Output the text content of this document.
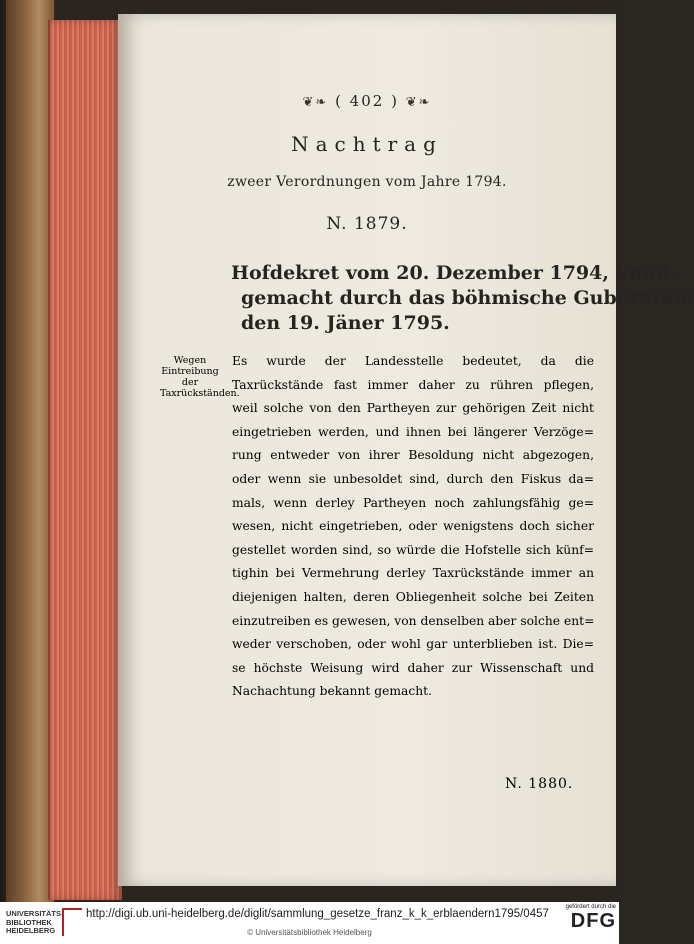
❦❧ ( 402 ) ❦❧
Nachtrag
zweer Verordnungen vom Jahre 1794.
N. 1879.
Hofdekret vom 20. Dezember 1794, kund-
gemacht durch das böhmische Gubernium
den 19. Jäner 1795.
Wegen Eintreibung der Taxrückständen.
Es wurde der Landesstelle bedeutet, da die
Taxrückstände fast immer daher zu rühren pflegen,
weil solche von den Partheyen zur gehörigen Zeit nicht
eingetrieben werden, und ihnen bei längerer Verzöge=
rung entweder von ihrer Besoldung nicht abgezogen,
oder wenn sie unbesoldet sind, durch den Fiskus da=
mals, wenn derley Partheyen noch zahlungsfähig ge=
wesen, nicht eingetrieben, oder wenigstens doch sicher
gestellet worden sind, so würde die Hofstelle sich künf=
tighin bei Vermehrung derley Taxrückstände immer an
diejenigen halten, deren Obliegenheit solche bei Zeiten
einzutreiben es gewesen, von denselben aber solche ent=
weder verschoben, oder wohl gar unterblieben ist. Die=
se höchste Weisung wird daher zur Wissenschaft und
Nachachtung bekannt gemacht.
N. 1880.
UNIVERSITÄTS-BIBLIOTHEK HEIDELBERG
http://digi.ub.uni-heidelberg.de/diglit/sammlung_gesetze_franz_k_k_erblaendern1795/0457
© Universitätsbibliothek Heidelberg
gefördert durch die
DFG
